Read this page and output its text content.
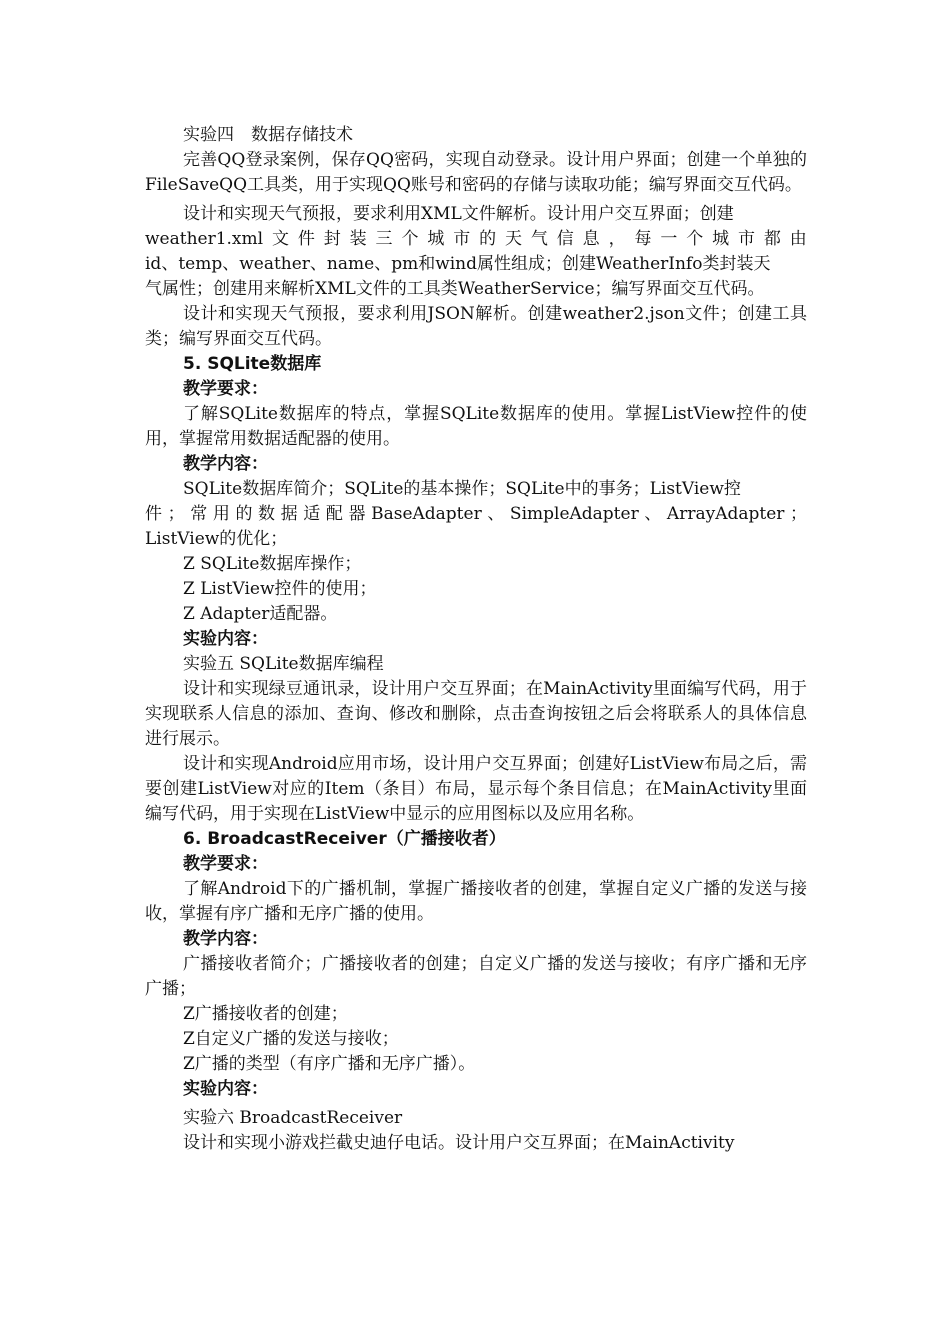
实验四　数据存储技术
完善QQ登录案例，保存QQ密码，实现自动登录。设计用户界面；创建一个单独的FileSaveQQ工具类，用于实现QQ账号和密码的存储与读取功能；编写界面交互代码。
设计和实现天气预报，要求利用XML文件解析。设计用户交互界面；创建
weather1.xml 文 件 封 装 三 个 城 市 的 天 气 信 息 ， 每 一 个 城 市 都 由
id、temp、weather、name、pm和wind属性组成；创建WeatherInfo类封装天
气属性；创建用来解析XML文件的工具类WeatherService；编写界面交互代码。
设计和实现天气预报，要求利用JSON解析。创建weather2.json文件；创建工具类；编写界面交互代码。
5. SQLite数据库
教学要求：
了解SQLite数据库的特点，掌握SQLite数据库的使用。掌握ListView控件的使用，掌握常用数据适配器的使用。
教学内容：
SQLite数据库简介；SQLite的基本操作；SQLite中的事务；ListView控
件 ； 常 用 的 数 据 适 配 器 BaseAdapter 、 SimpleAdapter 、 ArrayAdapter ；
ListView的优化；
Z SQLite数据库操作；
Z ListView控件的使用；
Z Adapter适配器。
实验内容：
实验五 SQLite数据库编程
设计和实现绿豆通讯录，设计用户交互界面；在MainActivity里面编写代码，用于实现联系人信息的添加、查询、修改和删除，点击查询按钮之后会将联系人的具体信息进行展示。
设计和实现Android应用市场，设计用户交互界面；创建好ListView布局之后，需要创建ListView对应的Item（条目）布局，显示每个条目信息；在MainActivity里面编写代码，用于实现在ListView中显示的应用图标以及应用名称。
6. BroadcastReceiver（广播接收者）
教学要求：
了解Android下的广播机制，掌握广播接收者的创建，掌握自定义广播的发送与接收，掌握有序广播和无序广播的使用。
教学内容：
广播接收者简介；广播接收者的创建；自定义广播的发送与接收；有序广播和无序广播；
Z广播接收者的创建；
Z自定义广播的发送与接收；
Z广播的类型（有序广播和无序广播）。
实验内容：
实验六 BroadcastReceiver
设计和实现小游戏拦截史迪仔电话。设计用户交互界面；在MainActivity
